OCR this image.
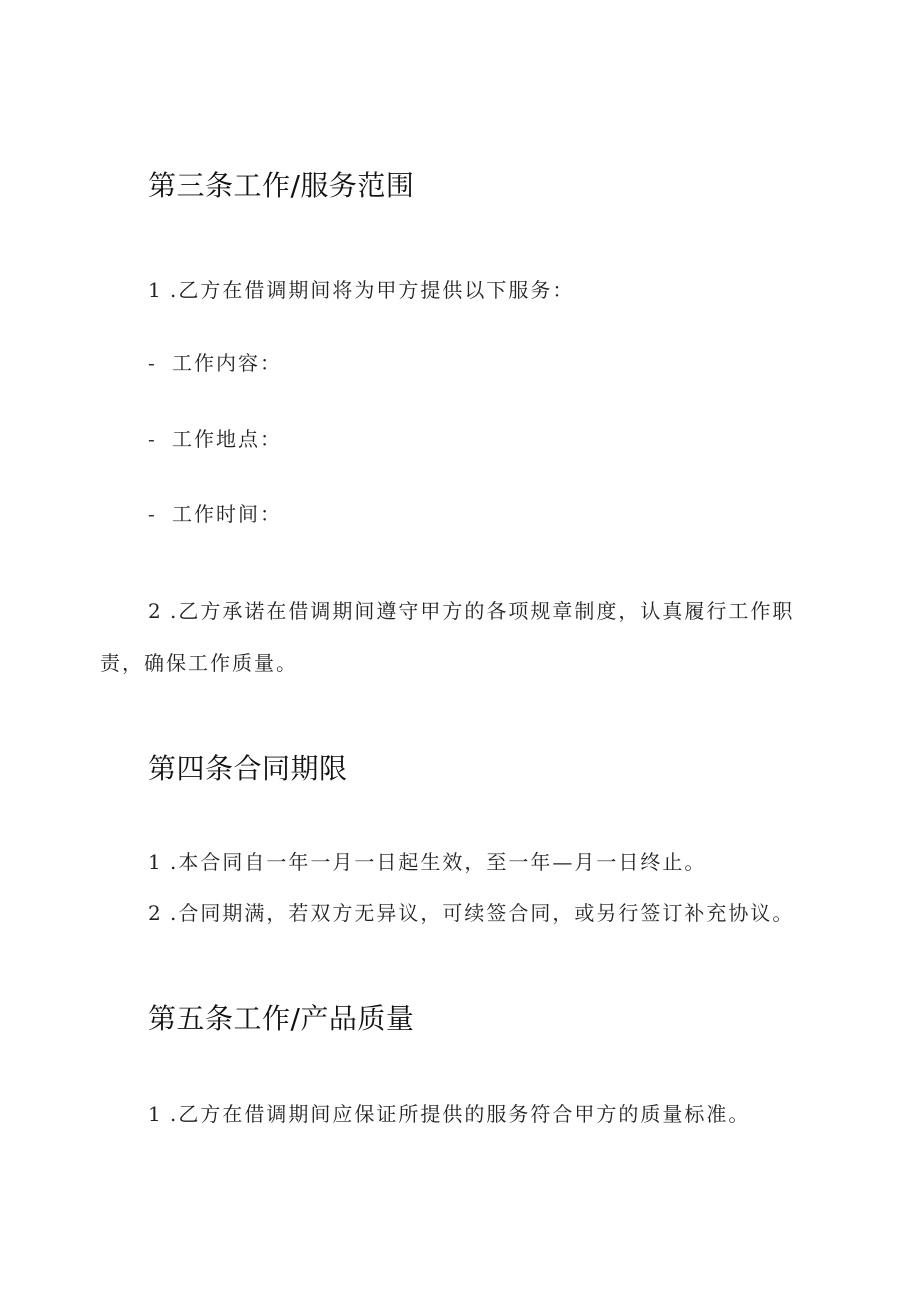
第三条工作/服务范围
1 .乙方在借调期间将为甲方提供以下服务：
- 工作内容：
- 工作地点：
- 工作时间：
2 .乙方承诺在借调期间遵守甲方的各项规章制度，认真履行工作职
责，确保工作质量。
第四条合同期限
1 .本合同自一年一月一日起生效，至一年—月一日终止。
2 .合同期满，若双方无异议，可续签合同，或另行签订补充协议。
第五条工作/产品质量
1 .乙方在借调期间应保证所提供的服务符合甲方的质量标准。
